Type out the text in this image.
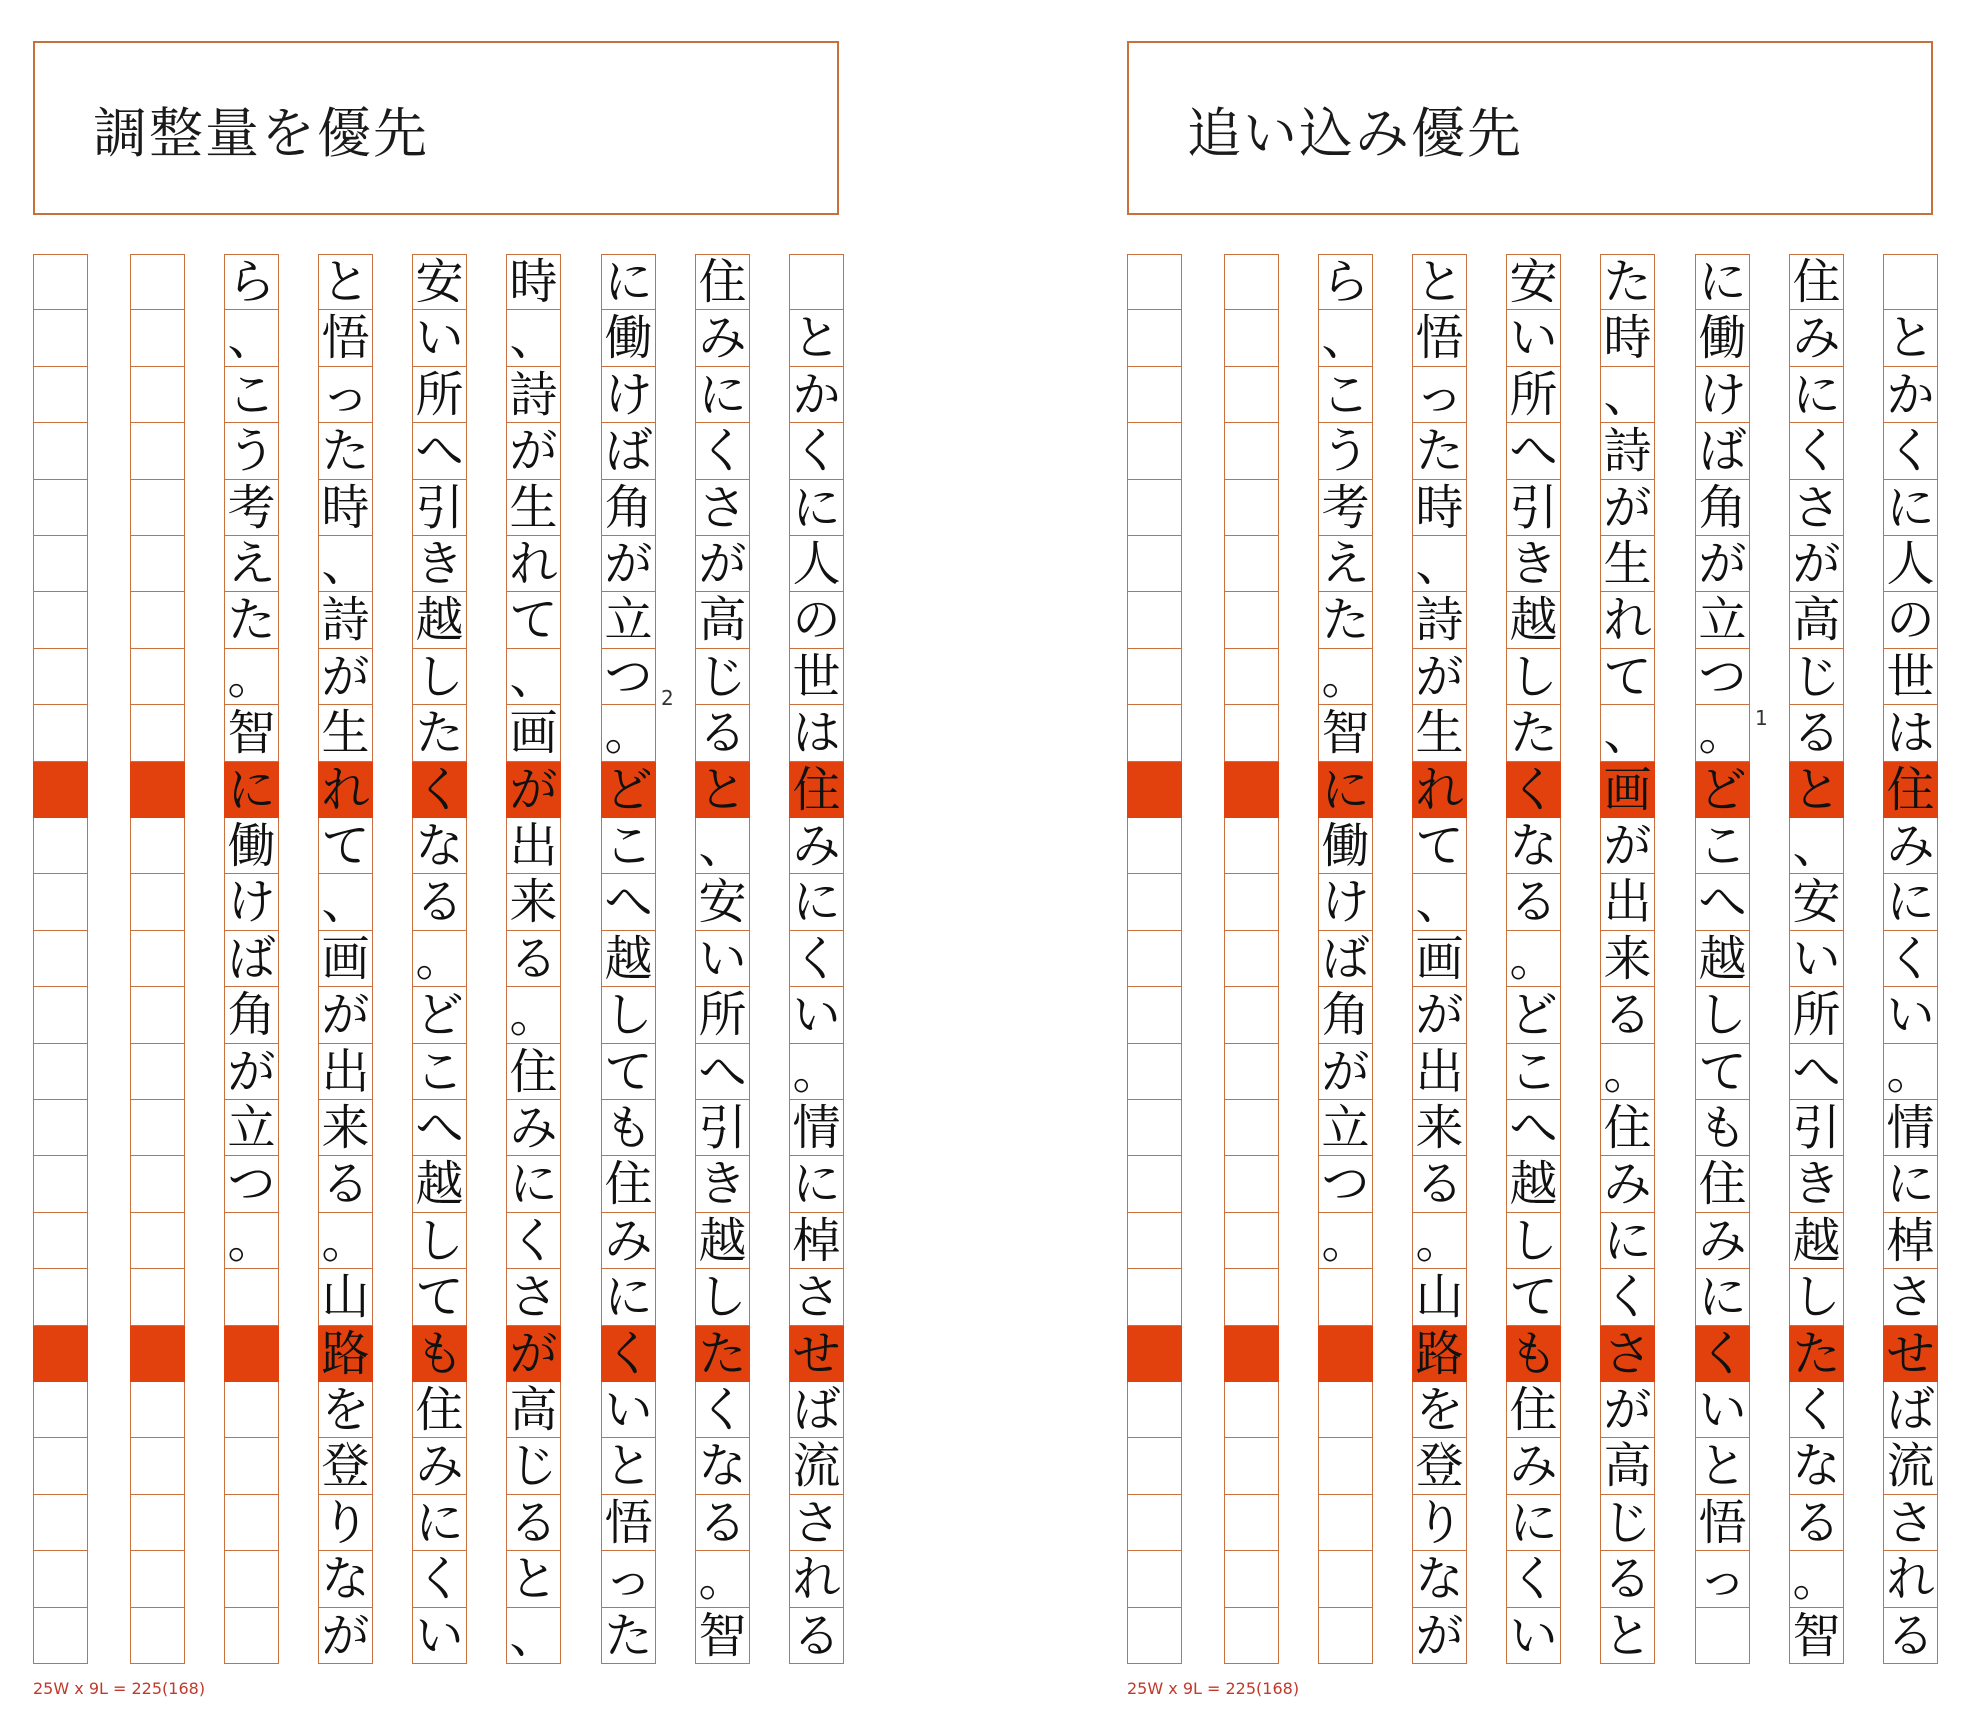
調整量を優先
と
か
く
に
人
の
世
は
住
み
に
く
い
。
情
に
棹
さ
せ
ば
流
さ
れ
る
住
み
に
く
さ
が
高
じ
る
と
、
安
い
所
へ
引
き
越
し
た
く
な
る
。
智
に
働
け
ば
角
が
立
つ
。
ど
こ
へ
越
し
て
も
住
み
に
く
い
と
悟
っ
た
時
、
詩
が
生
れ
て
、
画
が
出
来
る
。
住
み
に
く
さ
が
高
じ
る
と
、
安
い
所
へ
引
き
越
し
た
く
な
る
。
ど
こ
へ
越
し
て
も
住
み
に
く
い
と
悟
っ
た
時
、
詩
が
生
れ
て
、
画
が
出
来
る
。
山
路
を
登
り
な
が
ら
、
こ
う
考
え
た
。
智
に
働
け
ば
角
が
立
つ
。
2
25W x 9L = 225(168)
追い込み優先
と
か
く
に
人
の
世
は
住
み
に
く
い
。
情
に
棹
さ
せ
ば
流
さ
れ
る
住
み
に
く
さ
が
高
じ
る
と
、
安
い
所
へ
引
き
越
し
た
く
な
る
。
智
に
働
け
ば
角
が
立
つ
。
ど
こ
へ
越
し
て
も
住
み
に
く
い
と
悟
っ
た
時
、
詩
が
生
れ
て
、
画
が
出
来
る
。
住
み
に
く
さ
が
高
じ
る
と
安
い
所
へ
引
き
越
し
た
く
な
る
。
ど
こ
へ
越
し
て
も
住
み
に
く
い
と
悟
っ
た
時
、
詩
が
生
れ
て
、
画
が
出
来
る
。
山
路
を
登
り
な
が
ら
、
こ
う
考
え
た
。
智
に
働
け
ば
角
が
立
つ
。
1
25W x 9L = 225(168)
